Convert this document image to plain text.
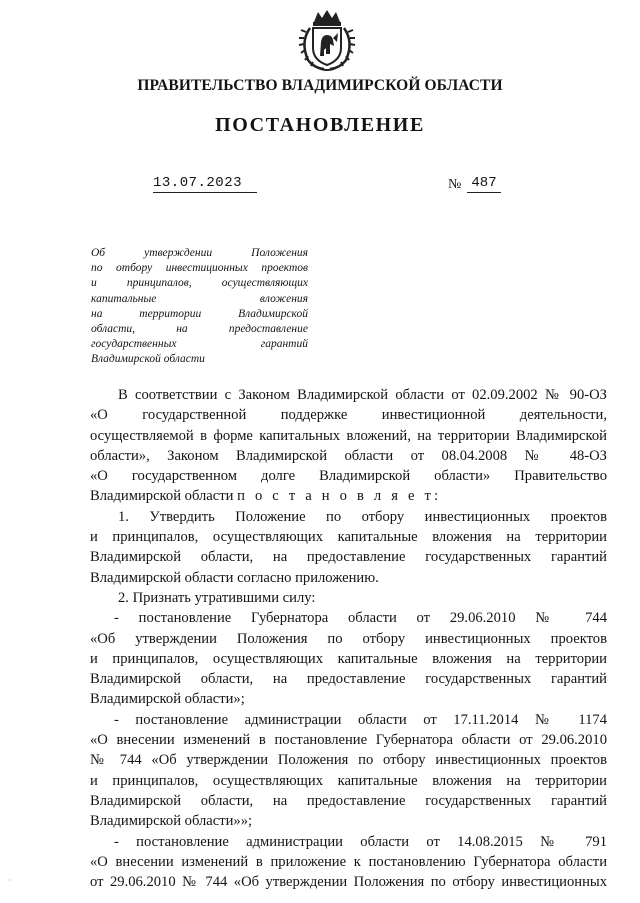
ПРАВИТЕЛЬСТВО ВЛАДИМИРСКОЙ ОБЛАСТИ
ПОСТАНОВЛЕНИЕ
13.07.2023	№ 487
Об утверждении Положения
по отбору инвестиционных проектов
и принципалов, осуществляющих
капитальные вложения
на территории Владимирской
области, на предоставление
государственных гарантий
Владимирской области
В соответствии с Законом Владимирской области от 02.09.2002 № 90-ОЗ
«О государственной поддержке инвестиционной деятельности,
осуществляемой в форме капитальных вложений, на территории Владимирской
области», Законом Владимирской области от 08.04.2008 № 48-ОЗ
«О государственном долге Владимирской области» Правительство
Владимирской области п о с т а н о в л я е т:
1. Утвердить Положение по отбору инвестиционных проектов
и принципалов, осуществляющих капитальные вложения на территории
Владимирской области, на предоставление государственных гарантий
Владимирской области согласно приложению.
2. Признать утратившими силу:
- постановление Губернатора области от 29.06.2010 № 744
«Об утверждении Положения по отбору инвестиционных проектов
и принципалов, осуществляющих капитальные вложения на территории
Владимирской области, на предоставление государственных гарантий
Владимирской области»;
- постановление администрации области от 17.11.2014 № 1174
«О внесении изменений в постановление Губернатора области от 29.06.2010
№ 744 «Об утверждении Положения по отбору инвестиционных проектов
и принципалов, осуществляющих капитальные вложения на территории
Владимирской области, на предоставление государственных гарантий
Владимирской области»»;
- постановление администрации области от 14.08.2015 № 791
«О внесении изменений в приложение к постановлению Губернатора области
от 29.06.2010 № 744 «Об утверждении Положения по отбору инвестиционных
·
